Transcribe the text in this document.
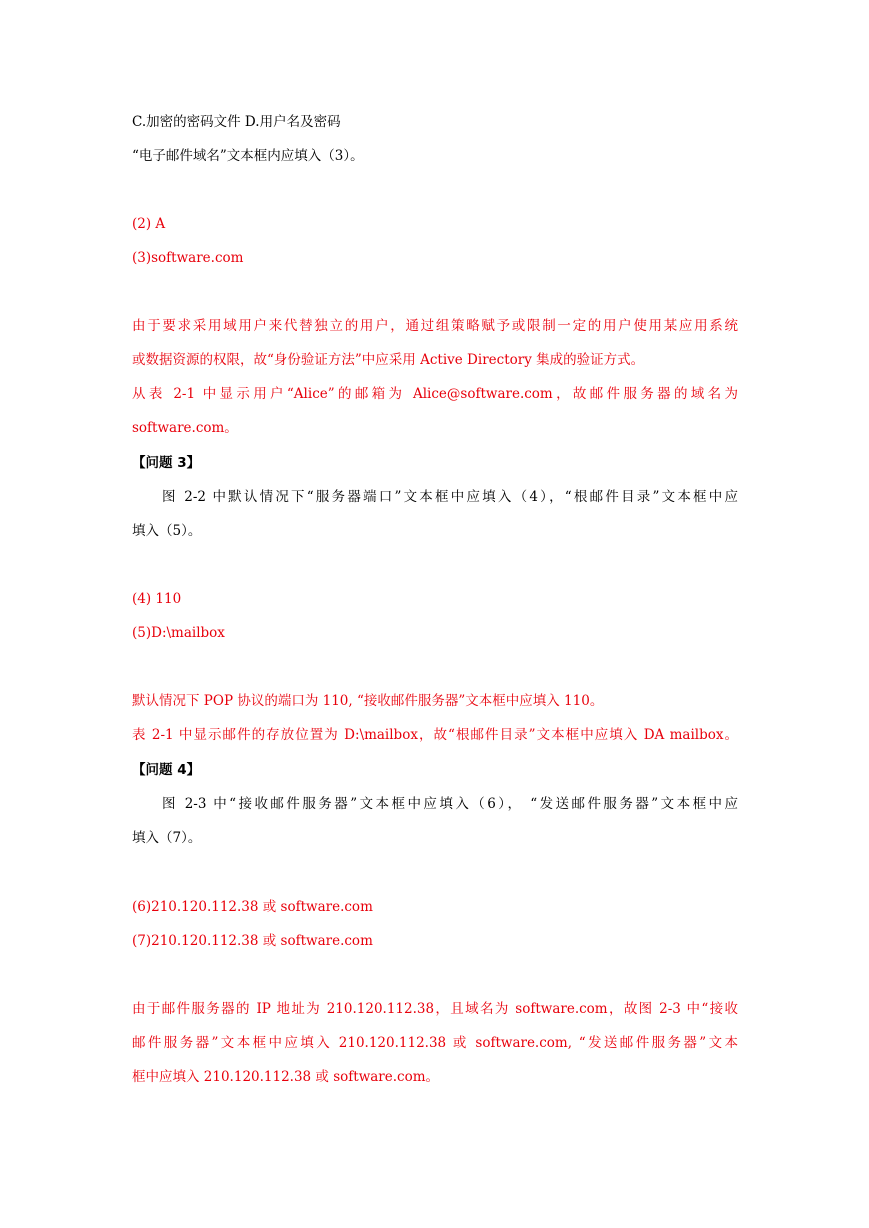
C.加密的密码文件 D.用户名及密码
“电子邮件域名”文本框内应填入（3）。
(2) A
(3)software.com
由于要求采用域用户来代替独立的用户，通过组策略赋予或限制一定的用户使用某应用系统
或数据资源的权限，故“身份验证方法”中应采用 Active Directory 集成的验证方式。
从表 2-1 中显示用户“Alice”的邮箱为 Alice@software.com，故邮件服务器的域名为
software.com。
【问题 3】
图 2-2 中默认情况下“服务器端口”文本框中应填入（4），“根邮件目录”文本框中应
填入（5）。
(4) 110
(5)D:\mailbox
默认情况下 POP 协议的端口为 110, “接收邮件服务器”文本框中应填入 110。
表 2-1 中显示邮件的存放位置为 D:\mailbox，故“根邮件目录”文本框中应填入 DA mailbox。
【问题 4】
图 2-3 中“接收邮件服务器”文本框中应填入（6）， “发送邮件服务器”文本框中应
填入（7）。
(6)210.120.112.38 或 software.com
(7)210.120.112.38 或 software.com
由于邮件服务器的 IP 地址为 210.120.112.38，且域名为 software.com，故图 2-3 中“接收
邮件服务器”文本框中应填入 210.120.112.38 或 software.com, “发送邮件服务器”文本
框中应填入 210.120.112.38 或 software.com。
